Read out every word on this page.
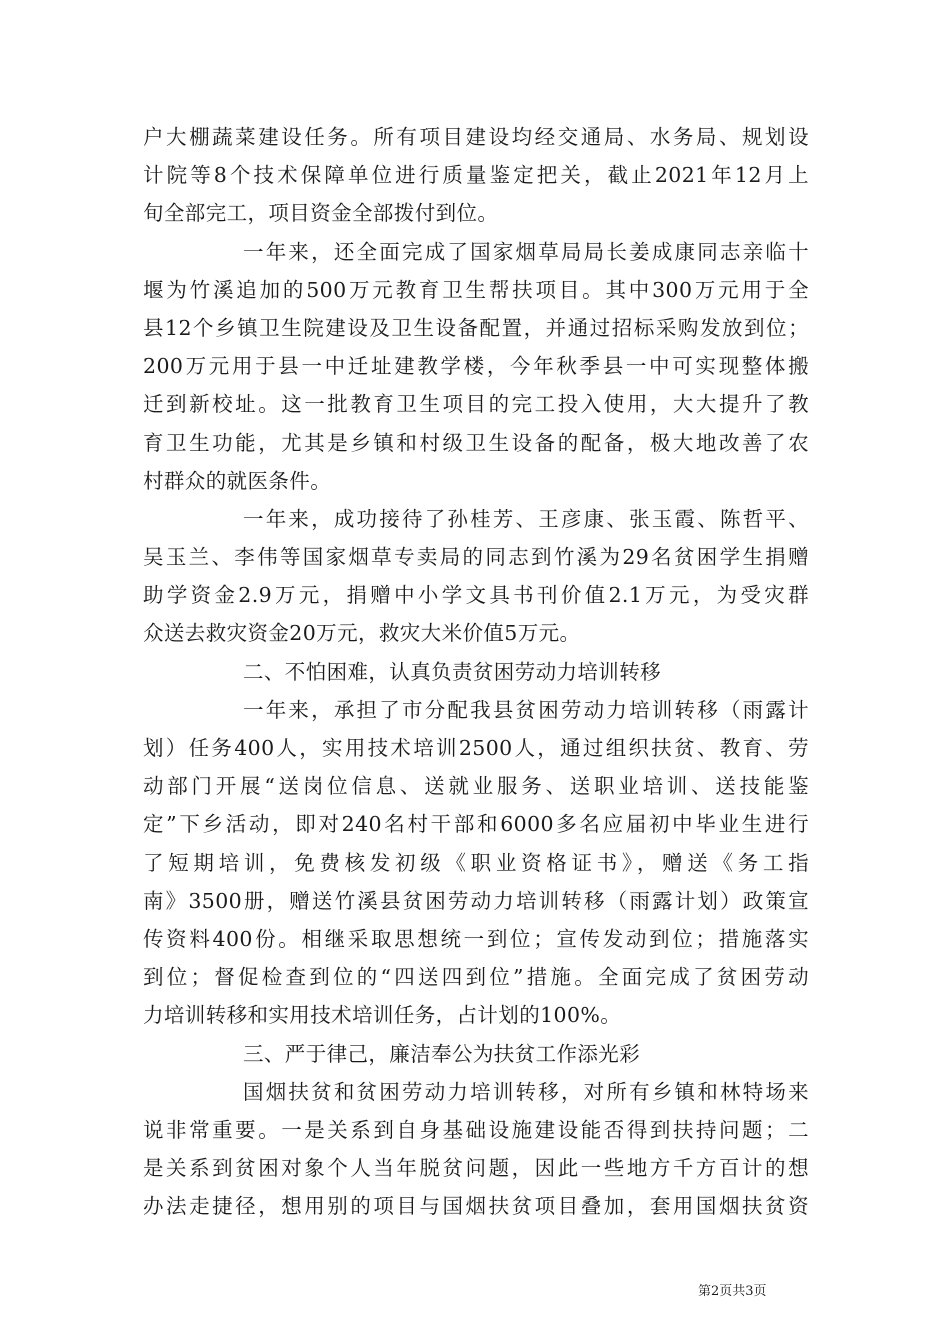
户大棚蔬菜建设任务。所有项目建设均经交通局、水务局、规划设
计院等8个技术保障单位进行质量鉴定把关，截止2021年12月上
旬全部完工，项目资金全部拨付到位。
一年来，还全面完成了国家烟草局局长姜成康同志亲临十
堰为竹溪追加的500万元教育卫生帮扶项目。其中300万元用于全
县12个乡镇卫生院建设及卫生设备配置，并通过招标采购发放到位；
200万元用于县一中迁址建教学楼，今年秋季县一中可实现整体搬
迁到新校址。这一批教育卫生项目的完工投入使用，大大提升了教
育卫生功能，尤其是乡镇和村级卫生设备的配备，极大地改善了农
村群众的就医条件。
一年来，成功接待了孙桂芳、王彦康、张玉霞、陈哲平、
吴玉兰、李伟等国家烟草专卖局的同志到竹溪为29名贫困学生捐赠
助学资金2.9万元，捐赠中小学文具书刊价值2.1万元，为受灾群
众送去救灾资金20万元，救灾大米价值5万元。
二、不怕困难，认真负责贫困劳动力培训转移
一年来，承担了市分配我县贫困劳动力培训转移（雨露计
划）任务400人，实用技术培训2500人，通过组织扶贫、教育、劳
动部门开展“送岗位信息、送就业服务、送职业培训、送技能鉴
定”下乡活动，即对240名村干部和6000多名应届初中毕业生进行
了短期培训，免费核发初级《职业资格证书》，赠送《务工指
南》3500册，赠送竹溪县贫困劳动力培训转移（雨露计划）政策宣
传资料400份。相继采取思想统一到位；宣传发动到位；措施落实
到位；督促检查到位的“四送四到位”措施。全面完成了贫困劳动
力培训转移和实用技术培训任务，占计划的100%。
三、严于律己，廉洁奉公为扶贫工作添光彩
国烟扶贫和贫困劳动力培训转移，对所有乡镇和林特场来
说非常重要。一是关系到自身基础设施建设能否得到扶持问题；二
是关系到贫困对象个人当年脱贫问题，因此一些地方千方百计的想
办法走捷径，想用别的项目与国烟扶贫项目叠加，套用国烟扶贫资
第2页共3页
